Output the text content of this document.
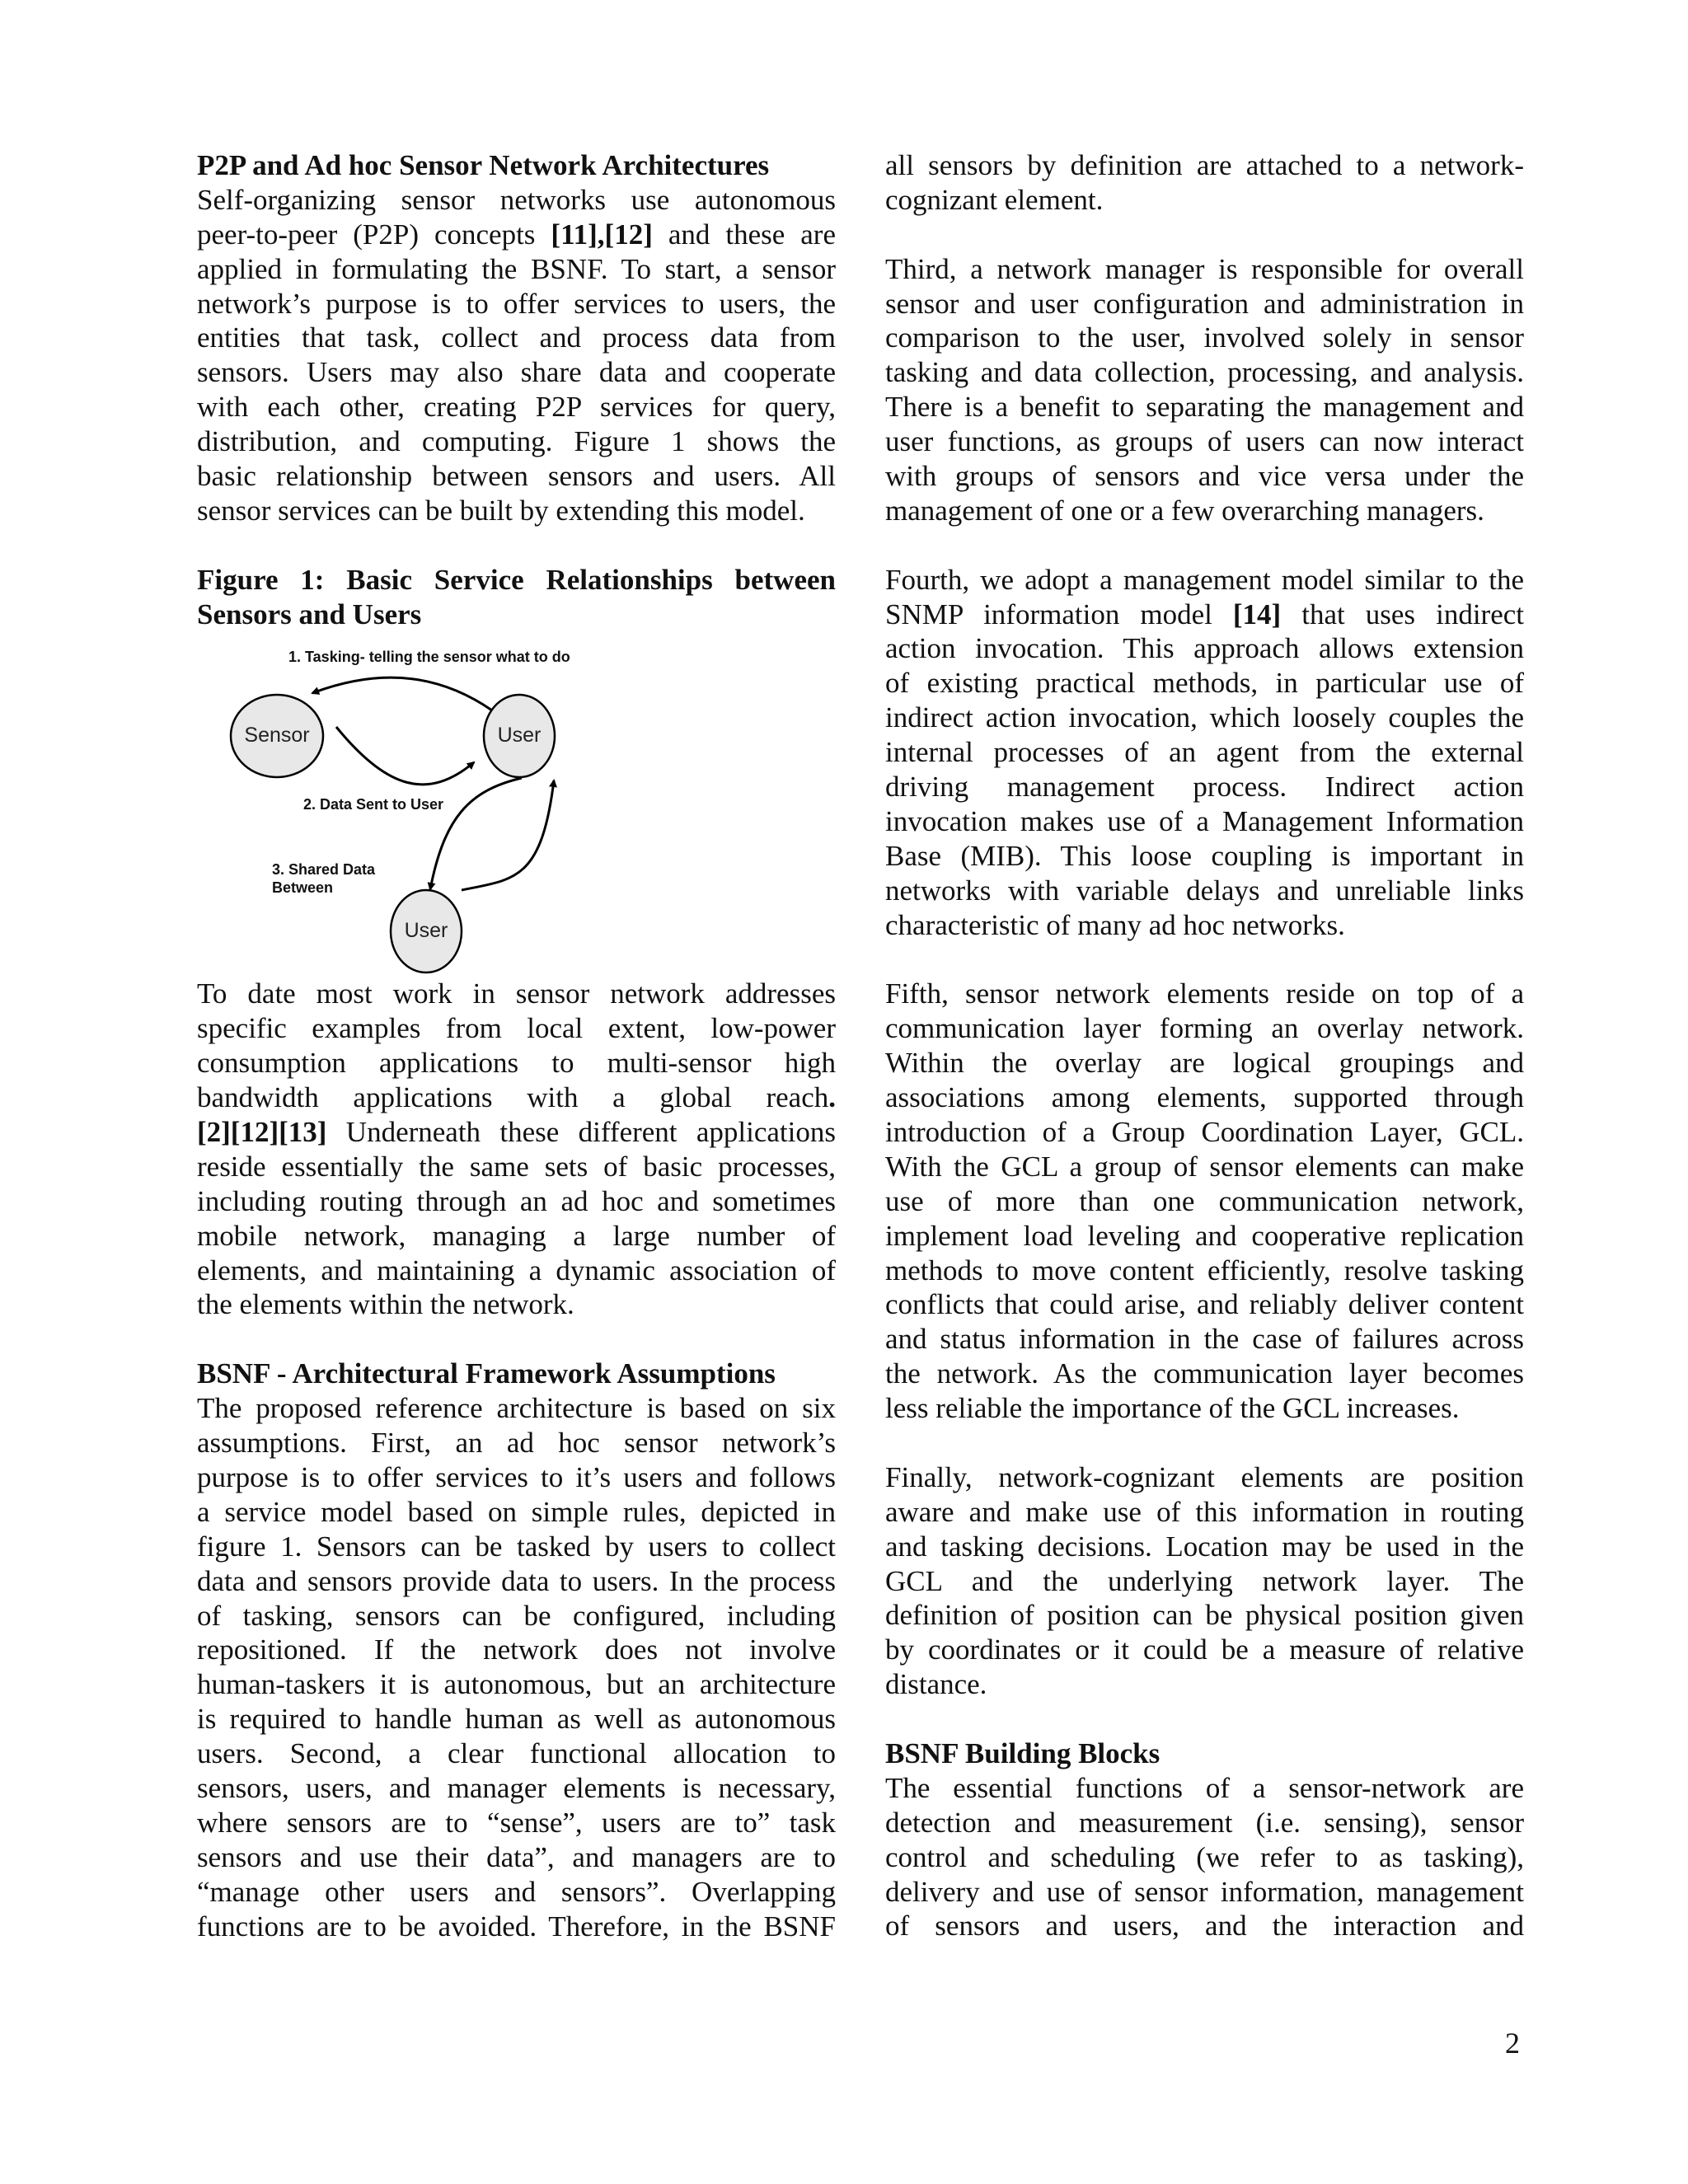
P2P and Ad hoc Sensor Network Architectures
Self-organizing sensor networks use autonomous
peer-to-peer (P2P) concepts [11],[12] and these are
applied in formulating the BSNF. To start, a sensor
network’s purpose is to offer services to users, the
entities that task, collect and process data from
sensors. Users may also share data and cooperate
with each other, creating P2P services for query,
distribution, and computing. Figure 1 shows the
basic relationship between sensors and users. All
sensor services can be built by extending this model.
Figure 1: Basic Service Relationships between
Sensors and Users
To date most work in sensor network addresses
specific examples from local extent, low-power
consumption applications to multi-sensor high
bandwidth applications with a global reach.
[2][12][13] Underneath these different applications
reside essentially the same sets of basic processes,
including routing through an ad hoc and sometimes
mobile network, managing a large number of
elements, and maintaining a dynamic association of
the elements within the network.
BSNF - Architectural Framework Assumptions
The proposed reference architecture is based on six
assumptions. First, an ad hoc sensor network’s
purpose is to offer services to it’s users and follows
a service model based on simple rules, depicted in
figure 1. Sensors can be tasked by users to collect
data and sensors provide data to users. In the process
of tasking, sensors can be configured, including
repositioned. If the network does not involve
human-taskers it is autonomous, but an architecture
is required to handle human as well as autonomous
users. Second, a clear functional allocation to
sensors, users, and manager elements is necessary,
where sensors are to “sense”, users are to” task
sensors and use their data”, and managers are to
“manage other users and sensors”. Overlapping
functions are to be avoided. Therefore, in the BSNF
all sensors by definition are attached to a network-
cognizant element.
Third, a network manager is responsible for overall
sensor and user configuration and administration in
comparison to the user, involved solely in sensor
tasking and data collection, processing, and analysis.
There is a benefit to separating the management and
user functions, as groups of users can now interact
with groups of sensors and vice versa under the
management of one or a few overarching managers.
Fourth, we adopt a management model similar to the
SNMP information model [14] that uses indirect
action invocation. This approach allows extension
of existing practical methods, in particular use of
indirect action invocation, which loosely couples the
internal processes of an agent from the external
driving management process. Indirect action
invocation makes use of a Management Information
Base (MIB). This loose coupling is important in
networks with variable delays and unreliable links
characteristic of many ad hoc networks.
Fifth, sensor network elements reside on top of a
communication layer forming an overlay network.
Within the overlay are logical groupings and
associations among elements, supported through
introduction of a Group Coordination Layer, GCL.
With the GCL a group of sensor elements can make
use of more than one communication network,
implement load leveling and cooperative replication
methods to move content efficiently, resolve tasking
conflicts that could arise, and reliably deliver content
and status information in the case of failures across
the network. As the communication layer becomes
less reliable the importance of the GCL increases.
Finally, network-cognizant elements are position
aware and make use of this information in routing
and tasking decisions. Location may be used in the
GCL and the underlying network layer. The
definition of position can be physical position given
by coordinates or it could be a measure of relative
distance.
BSNF Building Blocks
The essential functions of a sensor-network are
detection and measurement (i.e. sensing), sensor
control and scheduling (we refer to as tasking),
delivery and use of sensor information, management
of sensors and users, and the interaction and
1. Tasking- telling the sensor what to do
Sensor	User
2. Data Sent to User
3. Shared Data
Between
User
2
